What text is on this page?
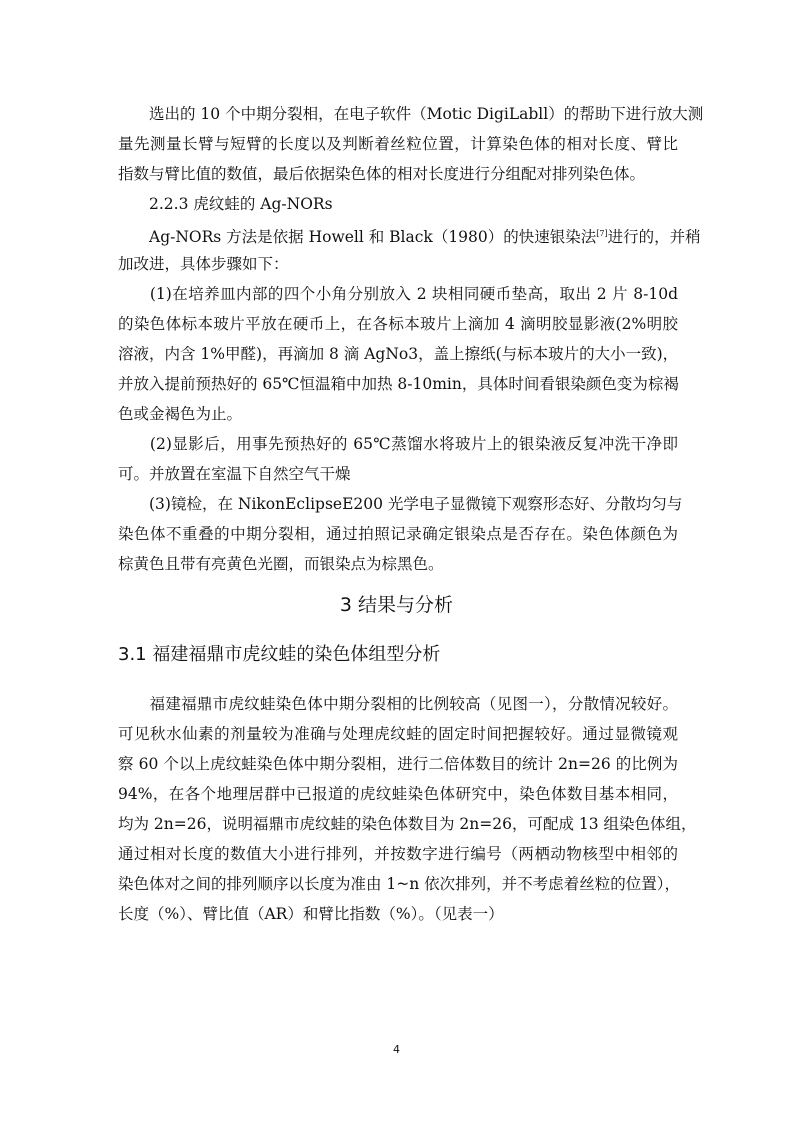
　　选出的 10 个中期分裂相，在电子软件（Motic DigiLabll）的帮助下进行放大测
量先测量长臂与短臂的长度以及判断着丝粒位置，计算染色体的相对长度、臂比
指数与臂比值的数值，最后依据染色体的相对长度进行分组配对排列染色体。
　　2.2.3 虎纹蛙的 Ag-NORs
　　Ag-NORs 方法是依据 Howell 和 Black（1980）的快速银染法[7]进行的，并稍
加改进，具体步骤如下：
　　(1)在培养皿内部的四个小角分别放入 2 块相同硬币垫高，取出 2 片 8-10d
的染色体标本玻片平放在硬币上，在各标本玻片上滴加 4 滴明胶显影液(2%明胶
溶液，内含 1%甲醛)，再滴加 8 滴 AgNo3，盖上擦纸(与标本玻片的大小一致)，
并放入提前预热好的 65℃恒温箱中加热 8-10min，具体时间看银染颜色变为棕褐
色或金褐色为止。
　　(2)显影后，用事先预热好的 65℃蒸馏水将玻片上的银染液反复冲洗干净即
可。并放置在室温下自然空气干燥
　　(3)镜检，在 NikonEclipseE200 光学电子显微镜下观察形态好、分散均匀与
染色体不重叠的中期分裂相，通过拍照记录确定银染点是否存在。染色体颜色为
棕黄色且带有亮黄色光圈，而银染点为棕黑色。
3 结果与分析
3.1 福建福鼎市虎纹蛙的染色体组型分析
　　福建福鼎市虎纹蛙染色体中期分裂相的比例较高（见图一），分散情况较好。
可见秋水仙素的剂量较为准确与处理虎纹蛙的固定时间把握较好。通过显微镜观
察 60 个以上虎纹蛙染色体中期分裂相，进行二倍体数目的统计 2n=26 的比例为
94%，在各个地理居群中已报道的虎纹蛙染色体研究中，染色体数目基本相同，
均为 2n=26，说明福鼎市虎纹蛙的染色体数目为 2n=26，可配成 13 组染色体组，
通过相对长度的数值大小进行排列，并按数字进行编号（两栖动物核型中相邻的
染色体对之间的排列顺序以长度为准由 1~n 依次排列，并不考虑着丝粒的位置），
长度（%）、臂比值（AR）和臂比指数（%）。（见表一）
4
